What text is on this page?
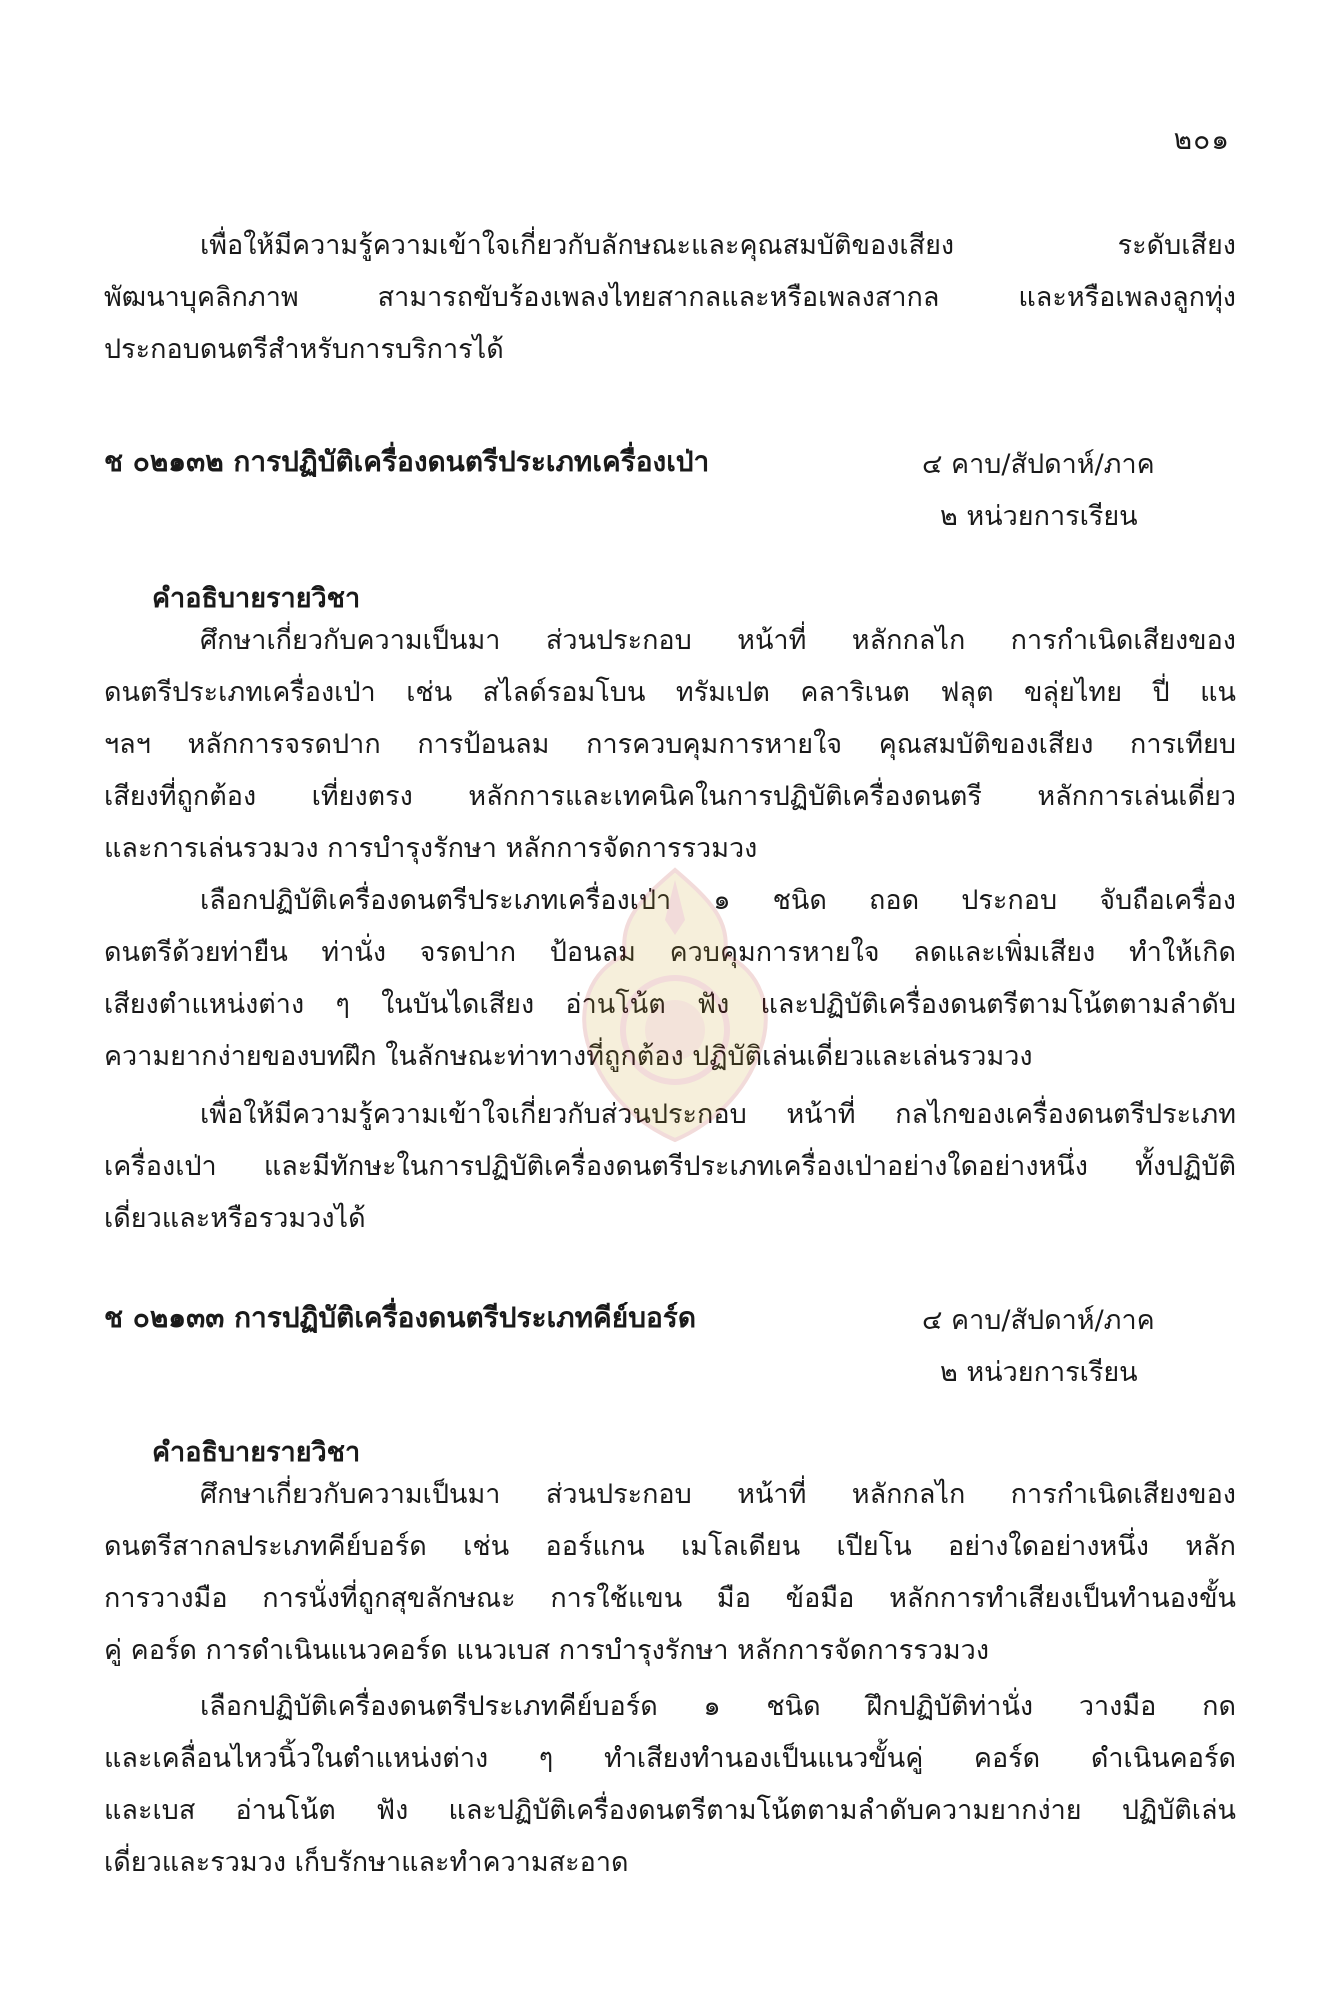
๒๐๑
เพื่อให้มีความรู้ความเข้าใจเกี่ยวกับลักษณะและคุณสมบัติของเสียง ระดับเสียง
พัฒนาบุคลิกภาพ สามารถขับร้องเพลงไทยสากลและหรือเพลงสากล และหรือเพลงลูกทุ่ง
ประกอบดนตรีสำหรับการบริการได้
ช ๐๒๑๓๒ การปฏิบัติเครื่องดนตรีประเภทเครื่องเป่า	๔ คาบ/สัปดาห์/ภาค
๒ หน่วยการเรียน
คำอธิบายรายวิชา
ศึกษาเกี่ยวกับความเป็นมา ส่วนประกอบ หน้าที่ หลักกลไก การกำเนิดเสียงของ
ดนตรีประเภทเครื่องเป่า เช่น สไลด์รอมโบน ทรัมเปต คลาริเนต ฟลุต ขลุ่ยไทย ปี่ แน
ฯลฯ หลักการจรดปาก การป้อนลม การควบคุมการหายใจ คุณสมบัติของเสียง การเทียบ
เสียงที่ถูกต้อง เที่ยงตรง หลักการและเทคนิคในการปฏิบัติเครื่องดนตรี หลักการเล่นเดี่ยว
และการเล่นรวมวง การบำรุงรักษา หลักการจัดการรวมวง
เลือกปฏิบัติเครื่องดนตรีประเภทเครื่องเป่า ๑ ชนิด ถอด ประกอบ จับถือเครื่อง
ดนตรีด้วยท่ายืน ท่านั่ง จรดปาก ป้อนลม ควบคุมการหายใจ ลดและเพิ่มเสียง ทำให้เกิด
เสียงตำแหน่งต่าง ๆ ในบันไดเสียง อ่านโน้ต ฟัง และปฏิบัติเครื่องดนตรีตามโน้ตตามลำดับ
ความยากง่ายของบทฝึก ในลักษณะท่าทางที่ถูกต้อง ปฏิบัติเล่นเดี่ยวและเล่นรวมวง
เพื่อให้มีความรู้ความเข้าใจเกี่ยวกับส่วนประกอบ หน้าที่ กลไกของเครื่องดนตรีประเภท
เครื่องเป่า และมีทักษะในการปฏิบัติเครื่องดนตรีประเภทเครื่องเป่าอย่างใดอย่างหนึ่ง ทั้งปฏิบัติ
เดี่ยวและหรือรวมวงได้
ช ๐๒๑๓๓ การปฏิบัติเครื่องดนตรีประเภทคีย์บอร์ด	๔ คาบ/สัปดาห์/ภาค
๒ หน่วยการเรียน
คำอธิบายรายวิชา
ศึกษาเกี่ยวกับความเป็นมา ส่วนประกอบ หน้าที่ หลักกลไก การกำเนิดเสียงของ
ดนตรีสากลประเภทคีย์บอร์ด เช่น ออร์แกน เมโลเดียน เปียโน อย่างใดอย่างหนึ่ง หลัก
การวางมือ การนั่งที่ถูกสุขลักษณะ การใช้แขน มือ ข้อมือ หลักการทำเสียงเป็นทำนองขั้น
คู่ คอร์ด การดำเนินแนวคอร์ด แนวเบส การบำรุงรักษา หลักการจัดการรวมวง
เลือกปฏิบัติเครื่องดนตรีประเภทคีย์บอร์ด ๑ ชนิด ฝึกปฏิบัติท่านั่ง วางมือ กด
และเคลื่อนไหวนิ้วในตำแหน่งต่าง ๆ ทำเสียงทำนองเป็นแนวขั้นคู่ คอร์ด ดำเนินคอร์ด
และเบส อ่านโน้ต ฟัง และปฏิบัติเครื่องดนตรีตามโน้ตตามลำดับความยากง่าย ปฏิบัติเล่น
เดี่ยวและรวมวง เก็บรักษาและทำความสะอาด
